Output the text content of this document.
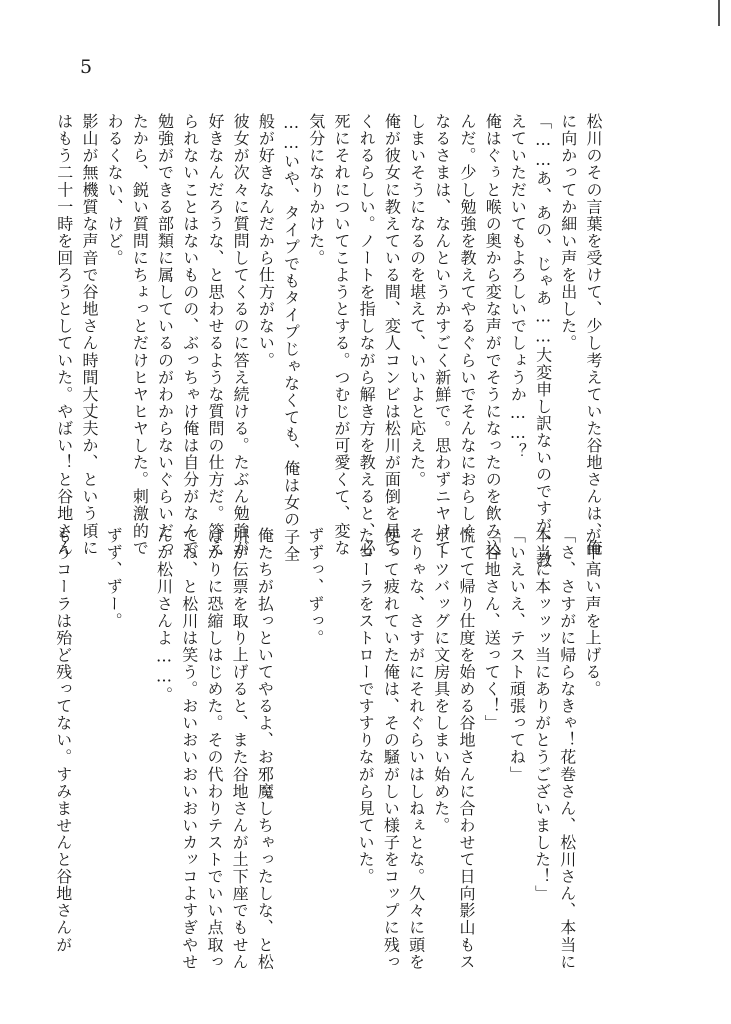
5
松川のその言葉を受けて、少し考えていた谷地さんは、俺
に向かってか細い声を出した。
「……あ、あの、じゃあ……大変申し訳ないのですが、教
えていただいてもよろしいでしょうか……？
俺はぐぅと喉の奥から変な声がでそうになったのを飲み込
んだ。少し勉強を教えてやるぐらいでそんなにおらしく
なるさまは、なんというかすごく新鮮で。思わずニヤけて
しまいそうになるのを堪えて、いいよと応えた。
俺が彼女に教えている間、変人コンビは松川が面倒を見て
くれるらしい。ノートを指しながら解き方を教えると、必
死にそれについてこようとする。つむじが可愛くて、変な
気分になりかけた。
……いや、タイプでもタイプじゃなくても、俺は女の子全
般が好きなんだから仕方がない。
彼女が次々に質問してくるのに答え続ける。たぶん勉強が
好きなんだろうな、と思わせるような質問の仕方だ。答え
られないことはないものの、ぶっちゃけ俺は自分がなんで
勉強ができる部類に属しているのがわからないぐらいだっ
たから、鋭い質問にちょっとだけヒヤヒヤした。刺激的で
わるくない、けど。
影山が無機質な声音で谷地さん時間大丈夫か、という頃に
はもう二十一時を回ろうとしていた。やばい！と谷地さん
が甲高い声を上げる。
「さ、さすがに帰らなきゃ！花巻さん、松川さん、本当に
本当に本ッッッ当にありがとうございました！」
「いえいえ、テスト頑張ってね」
「谷地さん、送ってく！」
慌てて帰り仕度を始める谷地さんに合わせて日向影山もス
ポーツバッグに文房具をしまい始めた。
そりゃな、さすがにそれぐらいはしねぇとな。久々に頭を
使って疲れていた俺は、その騒がしい様子をコップに残っ
たコーラをストローですすりながら見ていた。

ずずっ、ずっ。

俺たちが払っといてやるよ、お邪魔しちゃったしな、と松
川が伝票を取り上げると、また谷地さんが土下座でもせん
ばかりに恐縮しはじめた。その代わりテストでいい点取っ
てね、と松川は笑う。おいおいおいおいカッコよすぎやせ
んか松川さんよ……。

ずず、ずー。

もうコーラは殆ど残ってない。すみませんと谷地さんが
